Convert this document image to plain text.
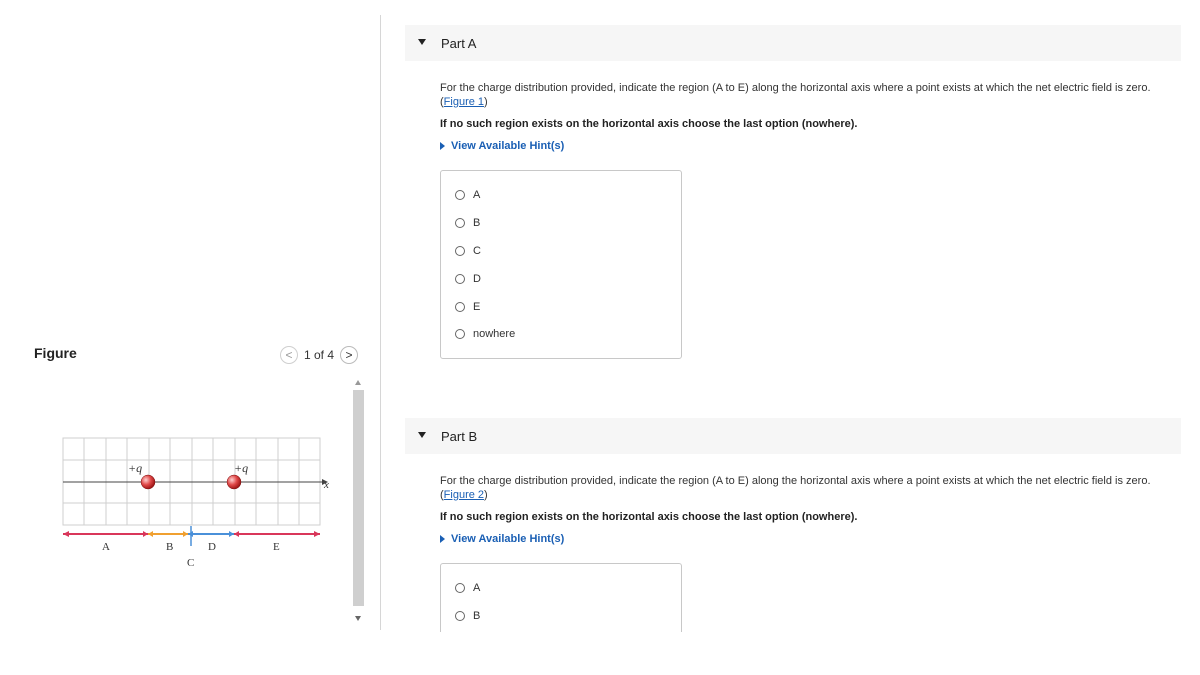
Figure	< 1 of 4 >
x
+q	+q
A	B
C
D	E
Part A
For the charge distribution provided, indicate the region (A to E) along the horizontal axis where a point exists at which the net electric field is zero. (Figure 1)
If no such region exists on the horizontal axis choose the last option (nowhere).
View Available Hint(s)
A
B
C
D
E
nowhere
Part B
For the charge distribution provided, indicate the region (A to E) along the horizontal axis where a point exists at which the net electric field is zero. (Figure 2)
If no such region exists on the horizontal axis choose the last option (nowhere).
View Available Hint(s)
A
B
